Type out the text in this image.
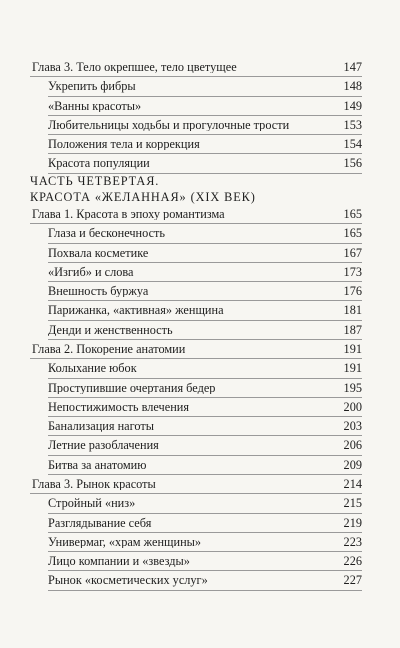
Глава 3. Тело окрепшее, тело цветущее	147
Укрепить фибры	148
«Ванны красоты»	149
Любительницы ходьбы и прогулочные трости	153
Положения тела и коррекция	154
Красота популяции	156
ЧАСТЬ ЧЕТВЕРТАЯ.
КРАСОТА «ЖЕЛАННАЯ» (XIX ВЕК)
Глава 1. Красота в эпоху романтизма	165
Глаза и бесконечность	165
Похвала косметике	167
«Изгиб» и слова	173
Внешность буржуа	176
Парижанка, «активная» женщина	181
Денди и женственность	187
Глава 2. Покорение анатомии	191
Колыхание юбок	191
Проступившие очертания бедер	195
Непостижимость влечения	200
Банализация наготы	203
Летние разоблачения	206
Битва за анатомию	209
Глава 3. Рынок красоты	214
Стройный «низ»	215
Разглядывание себя	219
Универмаг, «храм женщины»	223
Лицо компании и «звезды»	226
Рынок «косметических услуг»	227
